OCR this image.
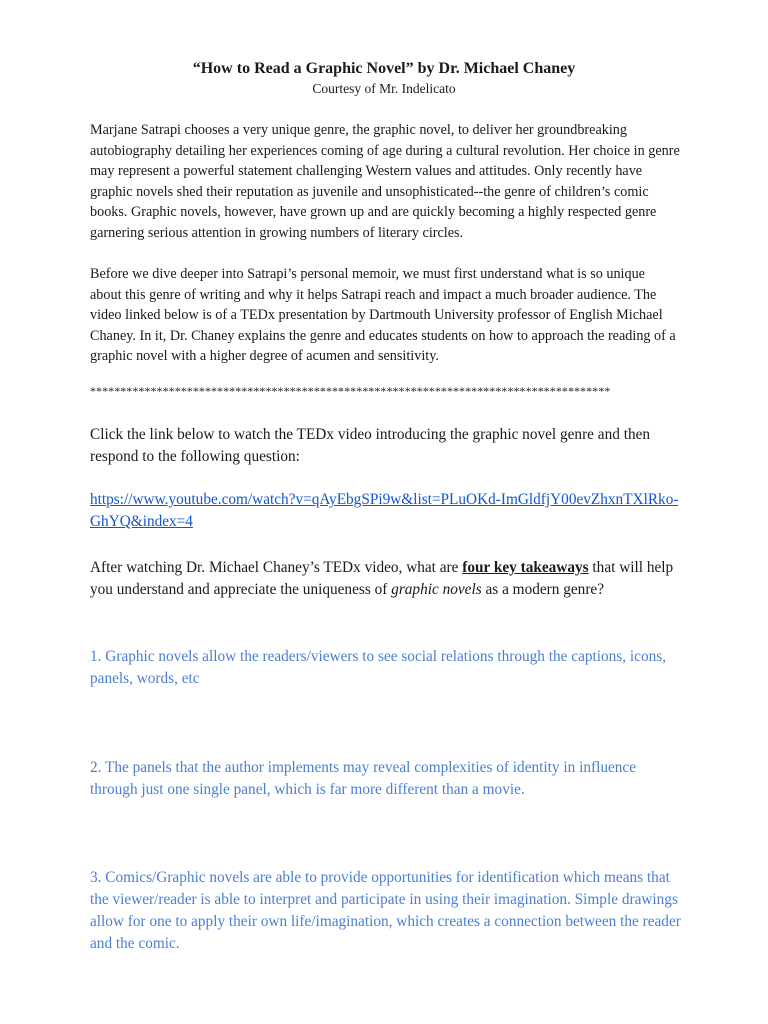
“How to Read a Graphic Novel” by Dr. Michael Chaney
Courtesy of Mr. Indelicato

Marjane Satrapi chooses a very unique genre, the graphic novel, to deliver her groundbreaking autobiography detailing her experiences coming of age during a cultural revolution. Her choice in genre may represent a powerful statement challenging Western values and attitudes. Only recently have graphic novels shed their reputation as juvenile and unsophisticated--the genre of children’s comic books. Graphic novels, however, have grown up and are quickly becoming a highly respected genre garnering serious attention in growing numbers of literary circles.

Before we dive deeper into Satrapi’s personal memoir, we must first understand what is so unique about this genre of writing and why it helps Satrapi reach and impact a much broader audience. The video linked below is of a TEDx presentation by Dartmouth University professor of English Michael Chaney. In it, Dr. Chaney explains the genre and educates students on how to approach the reading of a graphic novel with a higher degree of acumen and sensitivity.

**************************************************************************************

Click the link below to watch the TEDx video introducing the graphic novel genre and then respond to the following question:

https://www.youtube.com/watch?v=qAyEbgSPi9w&list=PLuOKd-ImGldfjY00evZhxnTXlRko-GhYQ&index=4

After watching Dr. Michael Chaney’s TEDx video, what are four key takeaways that will help you understand and appreciate the uniqueness of graphic novels as a modern genre?

1. Graphic novels allow the readers/viewers to see social relations through the captions, icons, panels, words, etc

2. The panels that the author implements may reveal complexities of identity in influence through just one single panel, which is far more different than a movie.

3. Comics/Graphic novels are able to provide opportunities for identification which means that the viewer/reader is able to interpret and participate in using their imagination. Simple drawings allow for one to apply their own life/imagination, which creates a connection between the reader and the comic.
